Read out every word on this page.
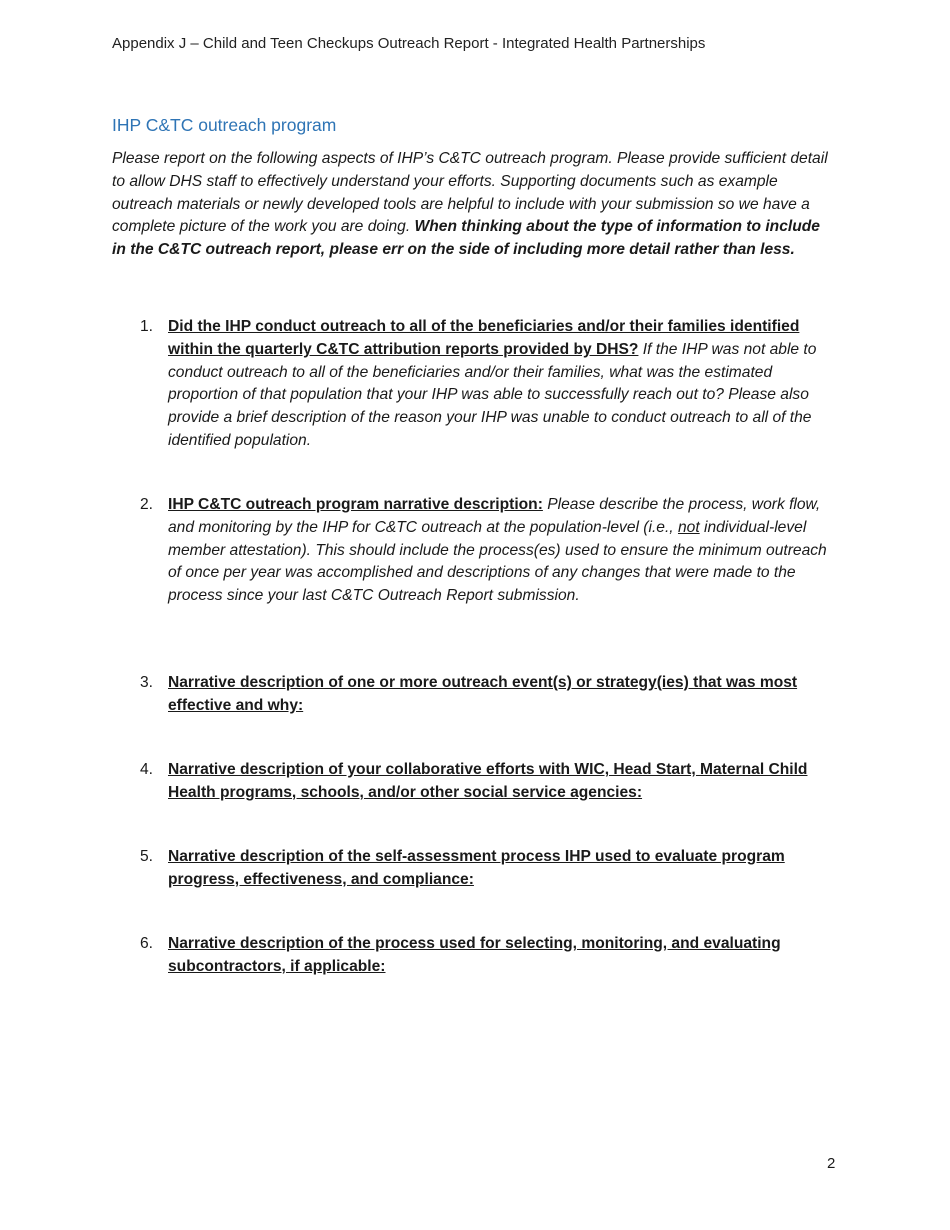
Appendix J – Child and Teen Checkups Outreach Report - Integrated Health Partnerships
IHP C&TC outreach program

Please report on the following aspects of IHP’s C&TC outreach program. Please provide sufficient detail to allow DHS staff to effectively understand your efforts. Supporting documents such as example outreach materials or newly developed tools are helpful to include with your submission so we have a complete picture of the work you are doing. When thinking about the type of information to include in the C&TC outreach report, please err on the side of including more detail rather than less.

1. Did the IHP conduct outreach to all of the beneficiaries and/or their families identified within the quarterly C&TC attribution reports provided by DHS? If the IHP was not able to conduct outreach to all of the beneficiaries and/or their families, what was the estimated proportion of that population that your IHP was able to successfully reach out to? Please also provide a brief description of the reason your IHP was unable to conduct outreach to all of the identified population.
2. IHP C&TC outreach program narrative description: Please describe the process, work flow, and monitoring by the IHP for C&TC outreach at the population-level (i.e., not individual-level member attestation). This should include the process(es) used to ensure the minimum outreach of once per year was accomplished and descriptions of any changes that were made to the process since your last C&TC Outreach Report submission.
3. Narrative description of one or more outreach event(s) or strategy(ies) that was most effective and why:
4. Narrative description of your collaborative efforts with WIC, Head Start, Maternal Child Health programs, schools, and/or other social service agencies:
5. Narrative description of the self-assessment process IHP used to evaluate program progress, effectiveness, and compliance:
6. Narrative description of the process used for selecting, monitoring, and evaluating subcontractors, if applicable:
2
